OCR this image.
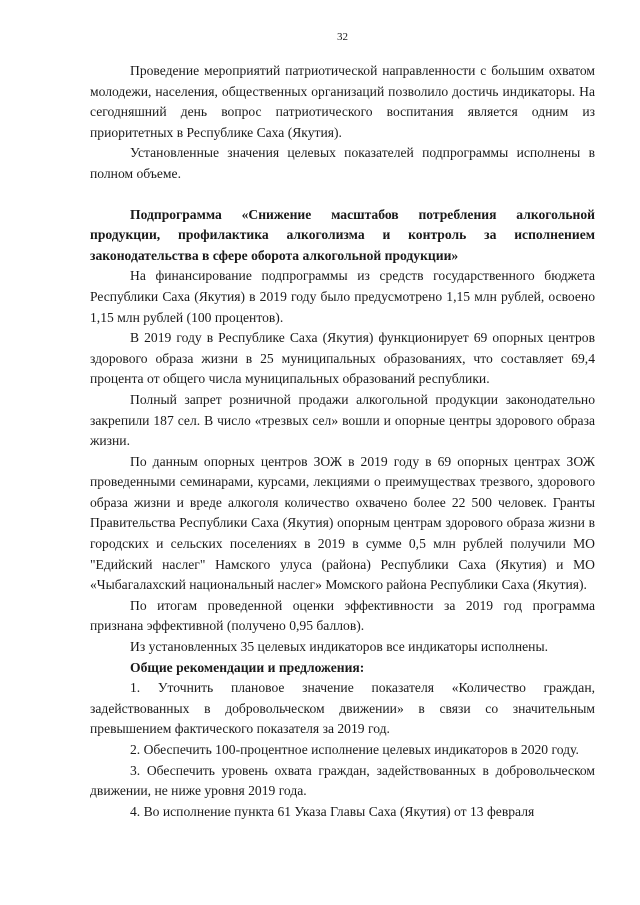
32

Проведение мероприятий патриотической направленности с большим охватом молодежи, населения, общественных организаций позволило достичь индикаторы. На сегодняшний день вопрос патриотического воспитания является одним из приоритетных в Республике Саха (Якутия).

Установленные значения целевых показателей подпрограммы исполнены в полном объеме.

Подпрограмма «Снижение масштабов потребления алкогольной продукции, профилактика алкоголизма и контроль за исполнением законодательства в сфере оборота алкогольной продукции»

На финансирование подпрограммы из средств государственного бюджета Республики Саха (Якутия) в 2019 году было предусмотрено 1,15 млн рублей, освоено 1,15 млн рублей (100 процентов).

В 2019 году в Республике Саха (Якутия) функционирует 69 опорных центров здорового образа жизни в 25 муниципальных образованиях, что составляет 69,4 процента от общего числа муниципальных образований республики.

Полный запрет розничной продажи алкогольной продукции законодательно закрепили 187 сел. В число «трезвых сел» вошли и опорные центры здорового образа жизни.

По данным опорных центров ЗОЖ в 2019 году в 69 опорных центрах ЗОЖ проведенными семинарами, курсами, лекциями о преимуществах трезвого, здорового образа жизни и вреде алкоголя количество охвачено более 22 500 человек. Гранты Правительства Республики Саха (Якутия) опорным центрам здорового образа жизни в городских и сельских поселениях в 2019 в сумме 0,5 млн рублей получили МО "Едийский наслег" Намского улуса (района) Республики Саха (Якутия) и МО «Чыбагалахский национальный наслег» Момского района Республики Саха (Якутия).

По итогам проведенной оценки эффективности за 2019 год программа признана эффективной (получено 0,95 баллов).

Из установленных 35 целевых индикаторов все индикаторы исполнены.

Общие рекомендации и предложения:

1. Уточнить плановое значение показателя «Количество граждан, задействованных в добровольческом движении» в связи со значительным превышением фактического показателя за 2019 год.

2. Обеспечить 100-процентное исполнение целевых индикаторов в 2020 году.

3. Обеспечить уровень охвата граждан, задействованных в добровольческом движении, не ниже уровня 2019 года.

4. Во исполнение пункта 61 Указа Главы Саха (Якутия) от 13 февраля
